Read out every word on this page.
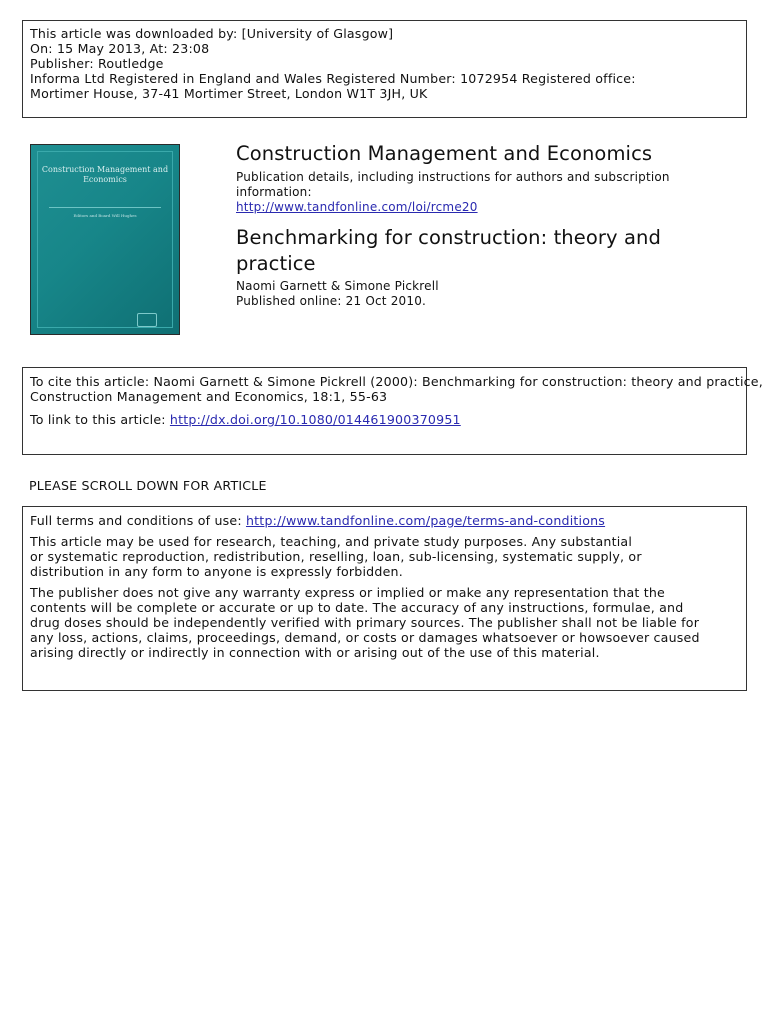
This article was downloaded by: [University of Glasgow]
On: 15 May 2013, At: 23:08
Publisher: Routledge
Informa Ltd Registered in England and Wales Registered Number: 1072954 Registered office:
Mortimer House, 37-41 Mortimer Street, London W1T 3JH, UK
Construction Management and Economics
Editors and Board Will Hughes
Construction Management and Economics
Publication details, including instructions for authors and subscription information:
http://www.tandfonline.com/loi/rcme20
Benchmarking for construction: theory and practice
Naomi Garnett & Simone Pickrell
Published online: 21 Oct 2010.
To cite this article: Naomi Garnett & Simone Pickrell (2000): Benchmarking for construction: theory and practice,
Construction Management and Economics, 18:1, 55-63
To link to this article: http://dx.doi.org/10.1080/014461900370951
PLEASE SCROLL DOWN FOR ARTICLE
Full terms and conditions of use: http://www.tandfonline.com/page/terms-and-conditions
This article may be used for research, teaching, and private study purposes. Any substantial
or systematic reproduction, redistribution, reselling, loan, sub-licensing, systematic supply, or
distribution in any form to anyone is expressly forbidden.
The publisher does not give any warranty express or implied or make any representation that the
contents will be complete or accurate or up to date. The accuracy of any instructions, formulae, and
drug doses should be independently verified with primary sources. The publisher shall not be liable for
any loss, actions, claims, proceedings, demand, or costs or damages whatsoever or howsoever caused
arising directly or indirectly in connection with or arising out of the use of this material.
